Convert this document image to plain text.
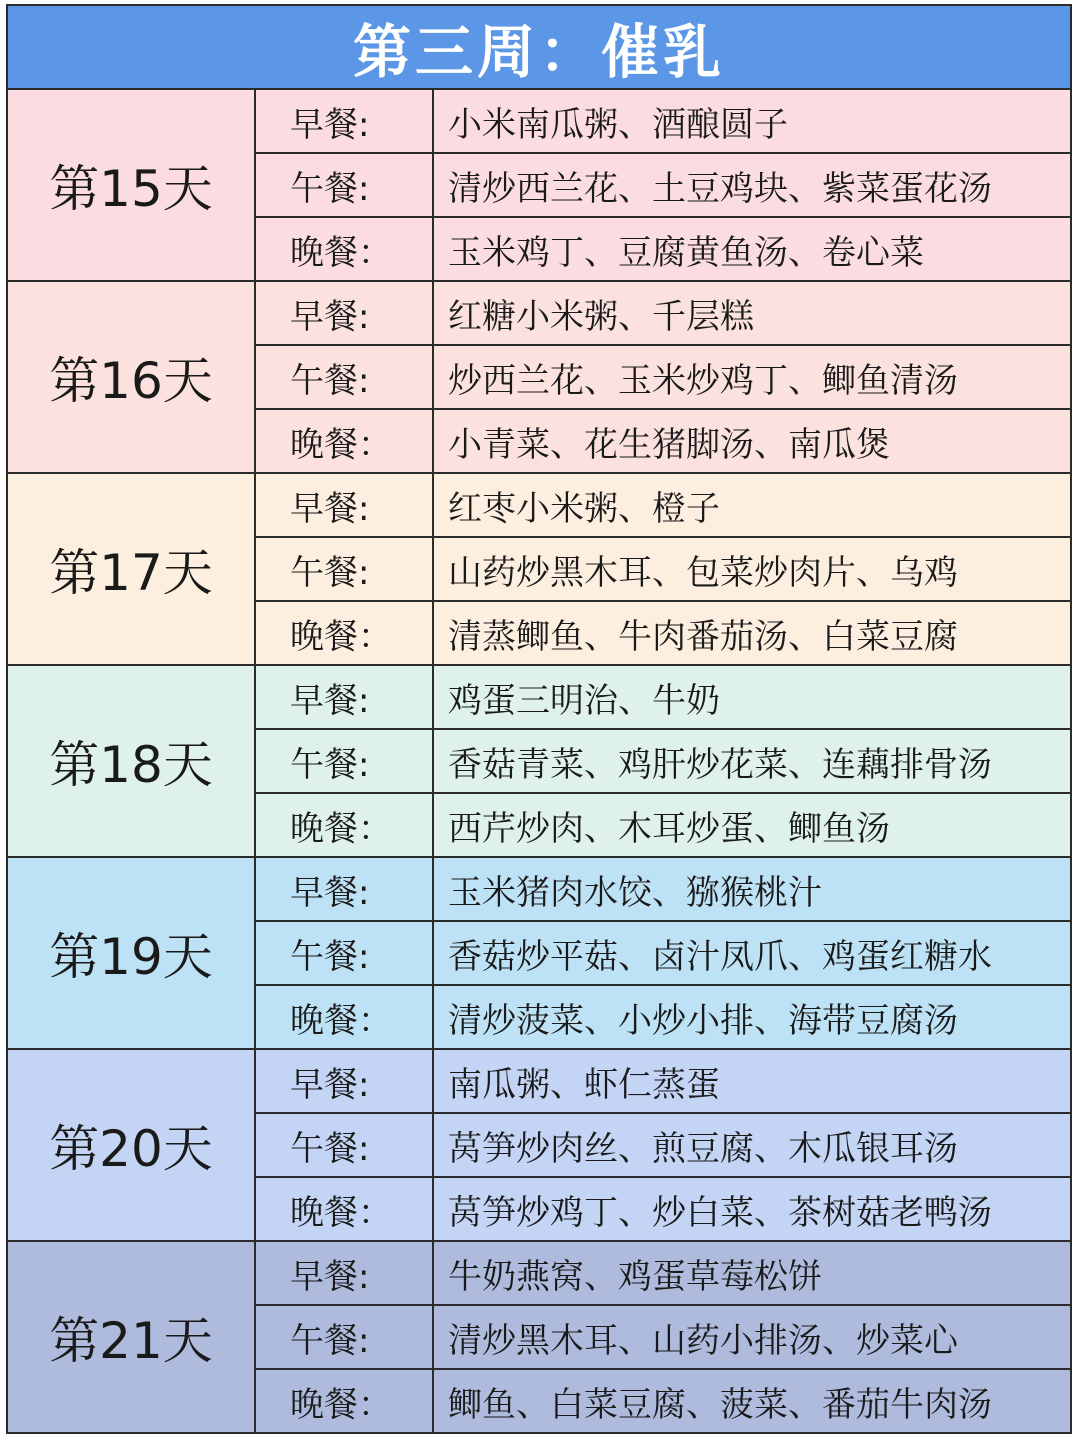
第三周：催乳
第15天
早餐: 小米南瓜粥、酒酿圆子
午餐: 清炒西兰花、土豆鸡块、紫菜蛋花汤
晚餐： 玉米鸡丁、豆腐黄鱼汤、卷心菜
第16天
早餐: 红糖小米粥、千层糕
午餐: 炒西兰花、玉米炒鸡丁、鲫鱼清汤
晚餐： 小青菜、花生猪脚汤、南瓜煲
第17天
早餐: 红枣小米粥、橙子
午餐: 山药炒黑木耳、包菜炒肉片、乌鸡
晚餐： 清蒸鲫鱼、牛肉番茄汤、白菜豆腐
第18天
早餐: 鸡蛋三明治、牛奶
午餐: 香菇青菜、鸡肝炒花菜、连藕排骨汤
晚餐： 西芹炒肉、木耳炒蛋、鲫鱼汤
第19天
早餐: 玉米猪肉水饺、猕猴桃汁
午餐: 香菇炒平菇、卤汁凤爪、鸡蛋红糖水
晚餐： 清炒菠菜、小炒小排、海带豆腐汤
第20天
早餐: 南瓜粥、虾仁蒸蛋
午餐: 莴笋炒肉丝、煎豆腐、木瓜银耳汤
晚餐： 莴笋炒鸡丁、炒白菜、茶树菇老鸭汤
第21天
早餐: 牛奶燕窝、鸡蛋草莓松饼
午餐: 清炒黑木耳、山药小排汤、炒菜心
晚餐： 鲫鱼、白菜豆腐、菠菜、番茄牛肉汤
